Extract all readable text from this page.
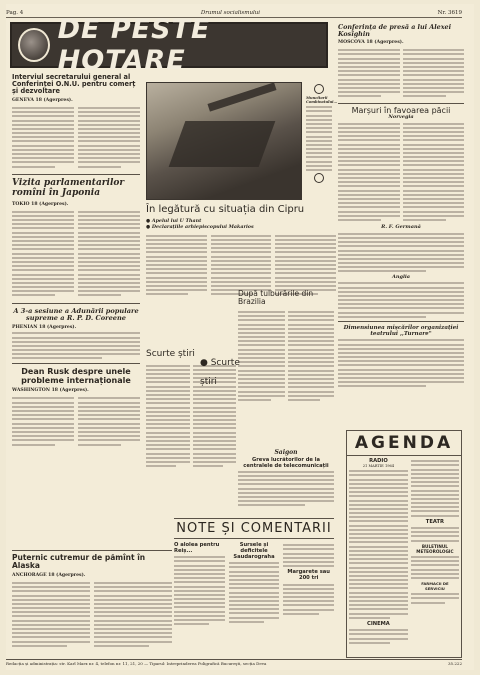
Pag. 4	Drumul socialismului	Nr. 3619
DE PESTE HOTARE
Interviul secretarului general al Conferinței O.N.U. pentru comerț și dezvoltare
GENEVA 18 (Agerpres).
Vizita parlamentarilor romîni în Japonia
TOKIO 18 (Agerpres).
A 3-a sesiune a Adunării populare supreme a R. P. D. Coreene
PHENIAN 18 (Agerpres).
Dean Rusk despre unele probleme internaționale
WASHINGTON 18 (Agerpres).
Puternic cutremur de pămînt în Alaska
ANCHORAGE 18 (Agerpres).
Muncitorii Combinatului...
În legătură cu situația din Cipru
● Apelul lui U Thant
● Declarațiile arhiepiscopului Makarios
După tulburările din Brazilia
Scurte știri
● Scurte știri
Saigon
Greva lucrătorilor de la centralele de telecomunicații
NOTE ȘI COMENTARII
O alolea pentru Reiș...
Sursele și deficitele Saudarograha
Margarete sau 200 tri
Conferința de presă a lui Alexei Kosîghin
MOSCOVA 18 (Agerpres).
Marșuri în favoarea păcii
Norvegia
R. F. Germană
Anglia
Dimensiunea mișcărilor organizației teatrului ,,Turnare"
AGENDA
RADIO
21 MARTIE 1964
CINEMA
TEATR
BULETINUL METEOROLOGIC
FARMACII DE SERVICIU
Redacția și administrația: str. Karl Marx nr. 4, telefon nr. 11, 21, 20 — Tiparul: Întreprinderea Poligrafică Bucureşti, secția Deva	35.222
